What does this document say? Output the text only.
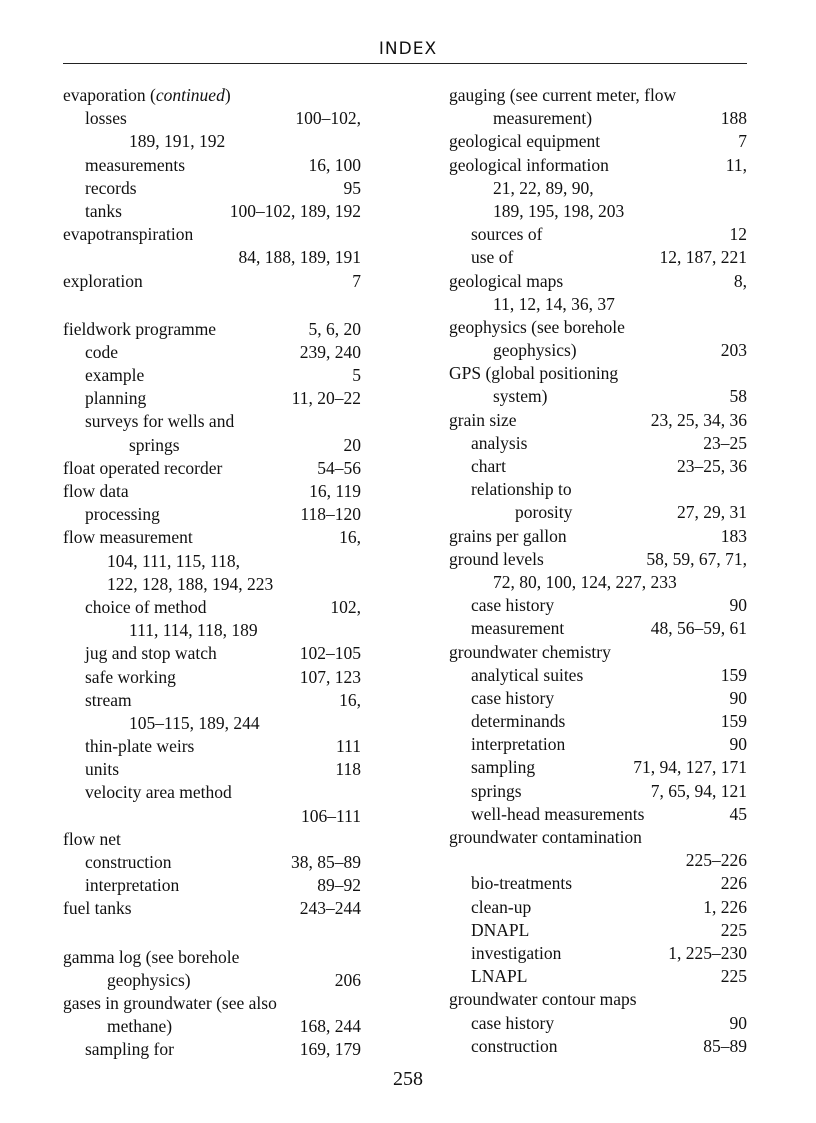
INDEX
evaporation (continued)
losses	100–102,
189, 191, 192
measurements	16, 100
records	95
tanks	100–102, 189, 192
evapotranspiration
84, 188, 189, 191
exploration	7
fieldwork programme	5, 6, 20
code	239, 240
example	5
planning	11, 20–22
surveys for wells and
springs	20
float operated recorder	54–56
flow data	16, 119
processing	118–120
flow measurement	16,
104, 111, 115, 118,
122, 128, 188, 194, 223
choice of method	102,
111, 114, 118, 189
jug and stop watch	102–105
safe working	107, 123
stream	16,
105–115, 189, 244
thin-plate weirs	111
units	118
velocity area method
106–111
flow net
construction	38, 85–89
interpretation	89–92
fuel tanks	243–244
gamma log (see borehole
geophysics)	206
gases in groundwater (see also
methane)	168, 244
sampling for	169, 179
gauging (see current meter, flow
measurement)	188
geological equipment	7
geological information	11,
21, 22, 89, 90,
189, 195, 198, 203
sources of	12
use of	12, 187, 221
geological maps	8,
11, 12, 14, 36, 37
geophysics (see borehole
geophysics)	203
GPS (global positioning
system)	58
grain size	23, 25, 34, 36
analysis	23–25
chart	23–25, 36
relationship to
porosity	27, 29, 31
grains per gallon	183
ground levels	58, 59, 67, 71,
72, 80, 100, 124, 227, 233
case history	90
measurement	48, 56–59, 61
groundwater chemistry
analytical suites	159
case history	90
determinands	159
interpretation	90
sampling	71, 94, 127, 171
springs	7, 65, 94, 121
well-head measurements	45
groundwater contamination
225–226
bio-treatments	226
clean-up	1, 226
DNAPL	225
investigation	1, 225–230
LNAPL	225
groundwater contour maps
case history	90
construction	85–89
258
